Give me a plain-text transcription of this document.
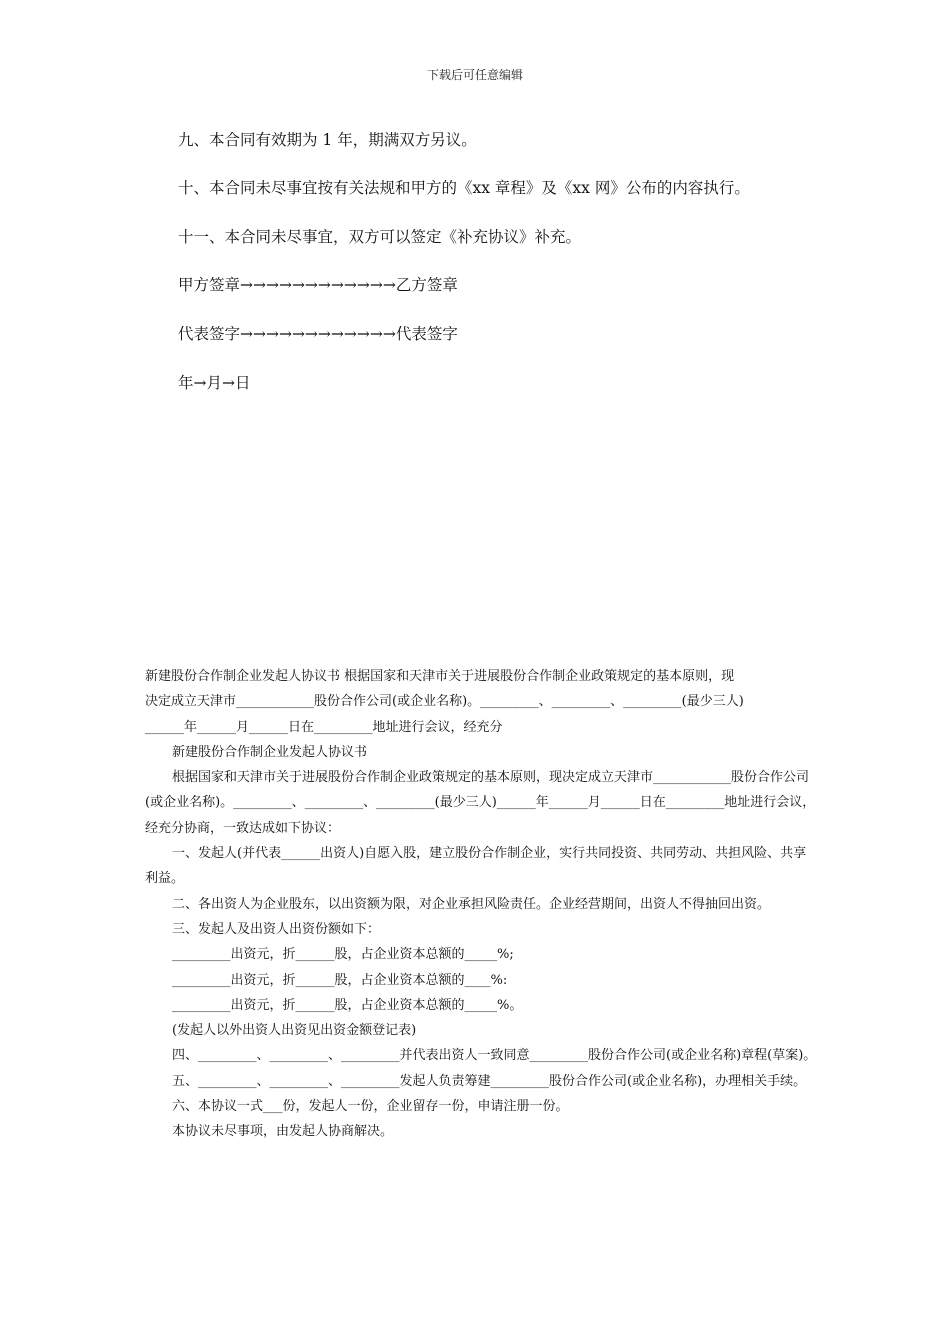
下载后可任意编辑

九、本合同有效期为 1 年，期满双方另议。

十、本合同未尽事宜按有关法规和甲方的《xx 章程》及《xx 网》公布的内容执行。

十一、本合同未尽事宜，双方可以签定《补充协议》补充。

甲方签章→→→→→→→→→→→→乙方签章

代表签字→→→→→→→→→→→→代表签字

年→月→日

新建股份合作制企业发起人协议书 根据国家和天津市关于进展股份合作制企业政策规定的基本原则，现

决定成立天津市____________股份合作公司(或企业名称)。_________、_________、_________(最少三人)

______年______月______日在_________地址进行会议，经充分

新建股份合作制企业发起人协议书

根据国家和天津市关于进展股份合作制企业政策规定的基本原则，现决定成立天津市____________股份合作公司(或企业名称)。_________、_________、_________(最少三人)______年______月______日在_________地址进行会议，经充分协商，一致达成如下协议：

一、发起人(并代表______出资人)自愿入股，建立股份合作制企业，实行共同投资、共同劳动、共担风险、共享利益。

二、各出资人为企业股东，以出资额为限，对企业承担风险责任。企业经营期间，出资人不得抽回出资。

三、发起人及出资人出资份额如下：

_________出资元，折______股，占企业资本总额的_____%;

_________出资元，折______股，占企业资本总额的____%:

_________出资元，折______股，占企业资本总额的_____%。

(发起人以外出资人出资见出资金额登记表)

四、_________、_________、_________并代表出资人一致同意_________股份合作公司(或企业名称)章程(草案)。

五、_________、_________、_________发起人负责筹建_________股份合作公司(或企业名称)，办理相关手续。

六、本协议一式___份，发起人一份，企业留存一份，申请注册一份。

本协议未尽事项，由发起人协商解决。
